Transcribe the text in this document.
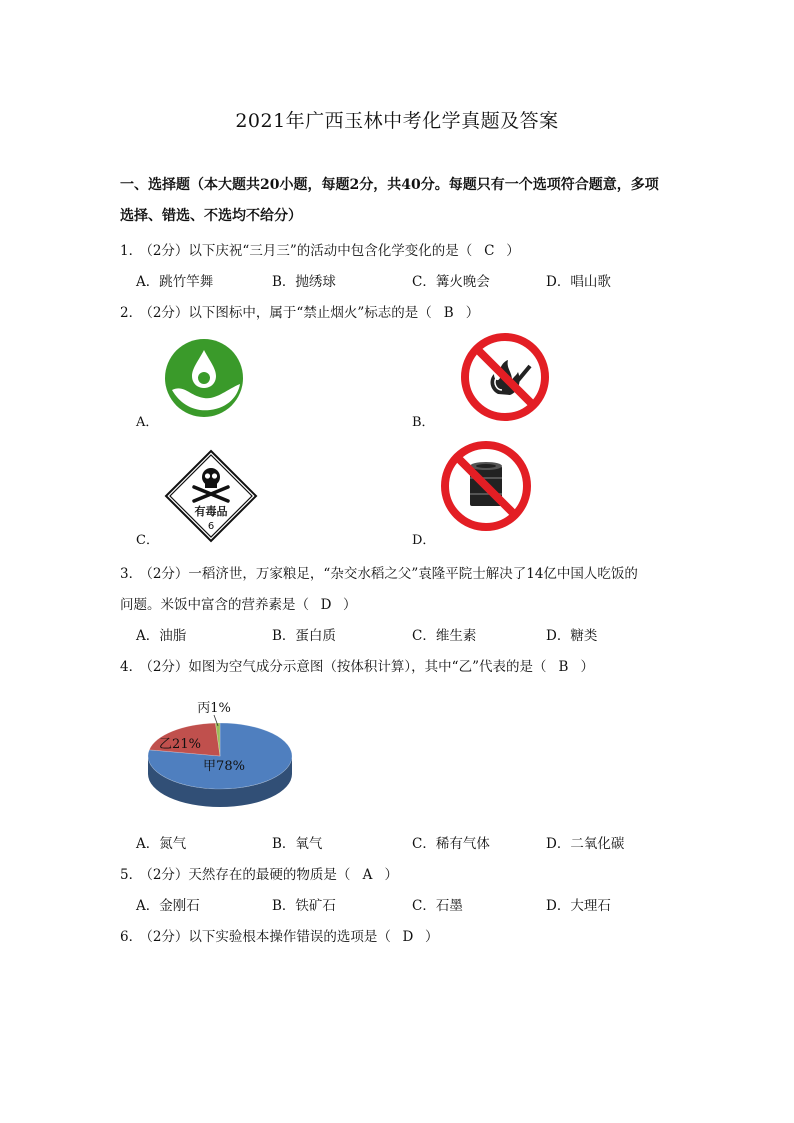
2021年广西玉林中考化学真题及答案
一、选择题（本大题共20小题，每题2分，共40分。每题只有一个选项符合题意，多项
选择、错选、不选均不给分）
1． （2分）以下庆祝“三月三”的活动中包含化学变化的是（ C ）
A．跳竹竿舞	B．抛绣球	C．篝火晚会	D．唱山歌
2． （2分）以下图标中，属于“禁止烟火”标志的是（ B ）
A．	B．
有毒品
6
C．	D．
3． （2分）一稻济世，万家粮足，“杂交水稻之父”袁隆平院士解决了14亿中国人吃饭的
问题。米饭中富含的营养素是（ D ）
A．油脂	B．蛋白质	C．维生素	D．糖类
4． （2分）如图为空气成分示意图（按体积计算），其中“乙”代表的是（ B ）
甲78%
乙21%
丙1%
A．氮气	B．氧气	C．稀有气体	D．二氧化碳
5． （2分）天然存在的最硬的物质是（ A ）
A．金刚石	B．铁矿石	C．石墨	D．大理石
6． （2分）以下实验根本操作错误的选项是（ D ）
